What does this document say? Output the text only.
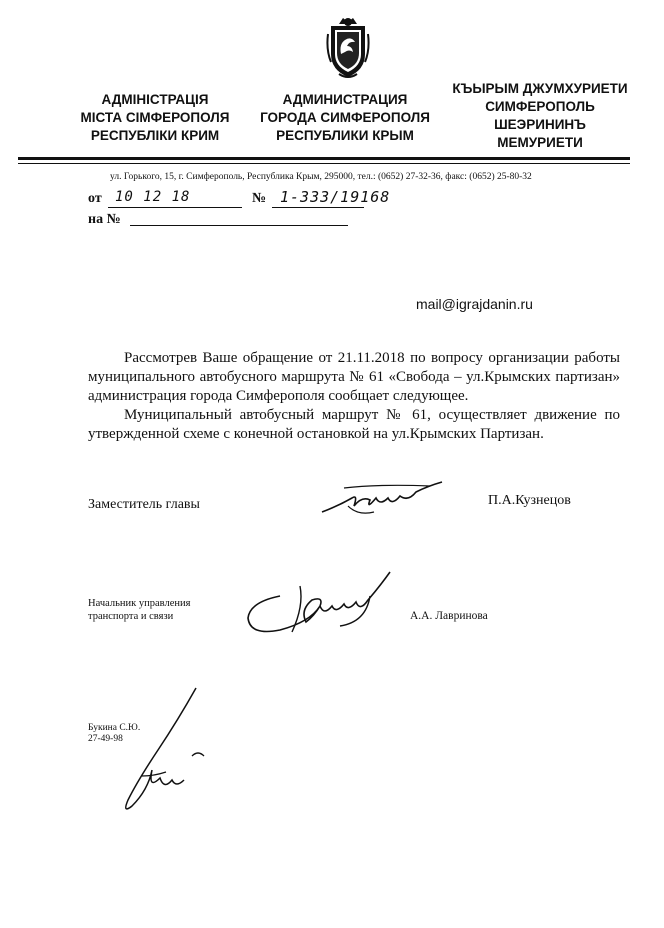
АДМІНІСТРАЦІЯ
МІСТА СІМФЕРОПОЛЯ
РЕСПУБЛІКИ КРИМ
АДМИНИСТРАЦИЯ
ГОРОДА СИМФЕРОПОЛЯ
РЕСПУБЛИКИ КРЫМ
КЪЫРЫМ ДЖУМХУРИЕТИ
СИМФЕРОПОЛЬ
ШЕЭРИНИНЪ
МЕМУРИЕТИ
ул. Горького, 15, г. Симферополь, Республика Крым, 295000, тел.: (0652) 27-32-36, факс: (0652) 25-80-32
от 10 12 18	№ 1-333/19168
на №
mail@igrajdanin.ru

Рассмотрев Ваше обращение от 21.11.2018 по вопросу организации работы муниципального автобусного маршрута № 61 «Свобода – ул.Крымских партизан» администрация города Симферополя сообщает следующее.

Муниципальный автобусный маршрут № 61, осуществляет движение по утвержденной схеме с конечной остановкой на ул.Крымских Партизан.

Заместитель главы	П.А.Кузнецов
Начальник управления
транспорта и связи	А.А. Лавринова
Букина С.Ю.
27-49-98
